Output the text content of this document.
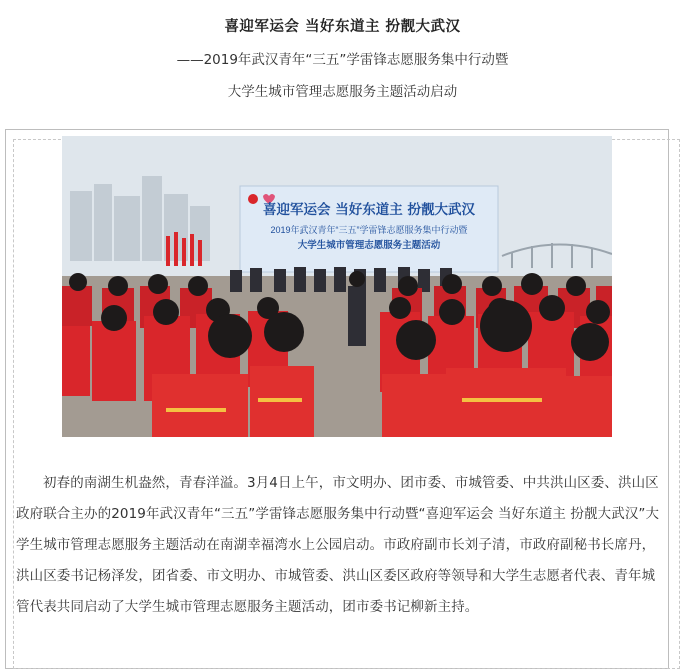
喜迎军运会 当好东道主 扮靓大武汉
——2019年武汉青年“三五”学雷锋志愿服务集中行动暨
大学生城市管理志愿服务主题活动启动
喜迎军运会 当好东道主 扮靓大武汉
2019年武汉青年“三五”学雷锋志愿服务集中行动暨
大学生城市管理志愿服务主题活动
初春的南湖生机盎然，青春洋溢。3月4日上午，市文明办、团市委、市城管委、中共洪山区委、洪山区政府联合主办的2019年武汉青年“三五”学雷锋志愿服务集中行动暨“喜迎军运会 当好东道主 扮靓大武汉”大学生城市管理志愿服务主题活动在南湖幸福湾水上公园启动。市政府副市长刘子清，市政府副秘书长席丹，洪山区委书记杨泽发，团省委、市文明办、市城管委、洪山区委区政府等领导和大学生志愿者代表、青年城管代表共同启动了大学生城市管理志愿服务主题活动，团市委书记柳新主持。
